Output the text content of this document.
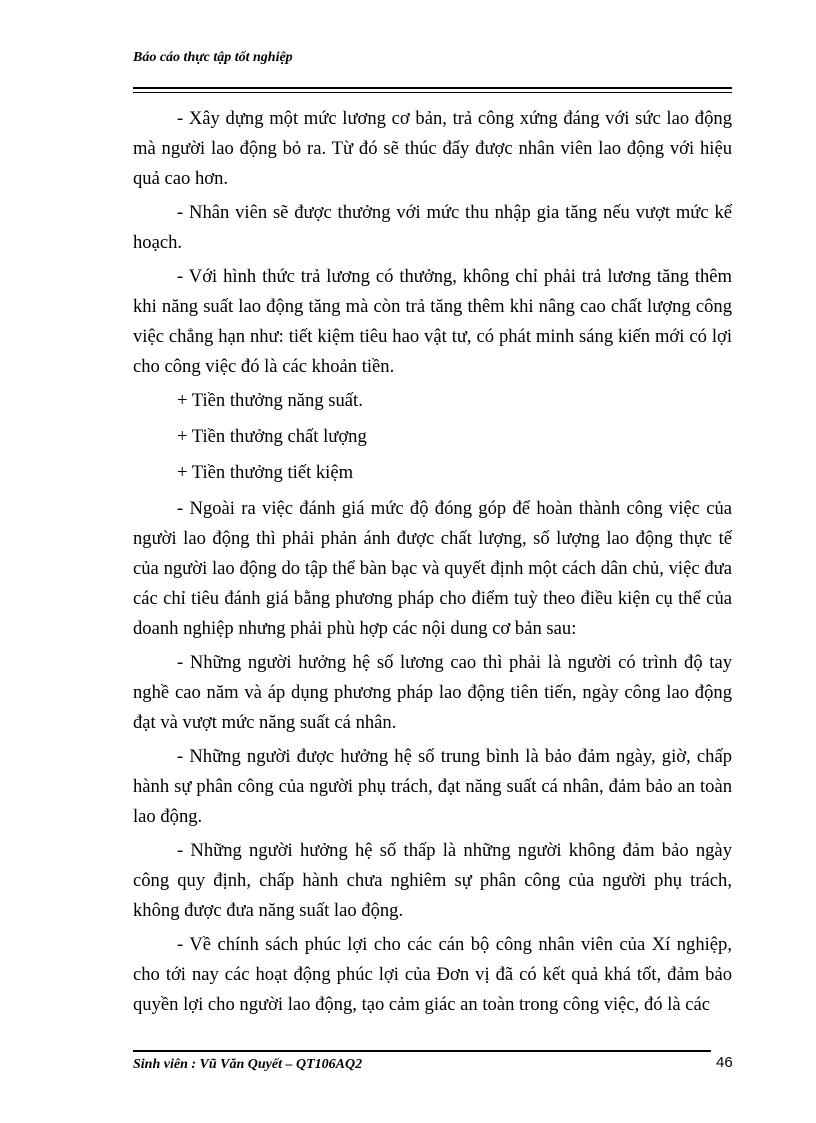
Báo cáo thực tập tốt nghiệp

- Xây dựng một mức lương cơ bản, trả công xứng đáng với sức lao động mà người lao động bỏ ra. Từ đó sẽ thúc đẩy được nhân viên lao động với hiệu quả cao hơn.

- Nhân viên sẽ được thưởng với mức thu nhập gia tăng nếu vượt mức kế hoạch.

- Với hình thức trả lương có thưởng, không chỉ phải trả lương tăng thêm khi năng suất lao động tăng mà còn trả tăng thêm khi nâng cao chất lượng công việc chẳng hạn như: tiết kiệm tiêu hao vật tư, có phát minh sáng kiến mới có lợi cho công việc đó là các khoản tiền.

+ Tiền thưởng năng suất.

+ Tiền thưởng chất lượng

+ Tiền thưởng tiết kiệm

- Ngoài ra việc đánh giá mức độ đóng góp để hoàn thành công việc của người lao động thì phải phản ánh được chất lượng, số lượng lao động thực tế của người lao động do tập thể bàn bạc và quyết định một cách dân chủ, việc đưa các chỉ tiêu đánh giá bằng phương pháp cho điểm tuỳ theo điều kiện cụ thể của doanh nghiệp nhưng phải phù hợp các nội dung cơ bản sau:

- Những người hưởng hệ số lương cao thì phải là người có trình độ tay nghề cao năm và áp dụng phương pháp lao động tiên tiến, ngày công lao động đạt và vượt mức năng suất cá nhân.

- Những người được hưởng hệ số trung bình là bảo đảm ngày, giờ, chấp hành sự phân công của người phụ trách, đạt năng suất cá nhân, đảm bảo an toàn lao động.

- Những người hưởng hệ số thấp là những người không đảm bảo ngày công quy định, chấp hành chưa nghiêm sự phân công của người phụ trách, không được đưa năng suất lao động.

- Về chính sách phúc lợi cho các cán bộ công nhân viên của Xí nghiệp, cho tới nay các hoạt động phúc lợi của Đơn vị đã có kết quả khá tốt, đảm bảo quyền lợi cho người lao động, tạo cảm giác an toàn trong công việc, đó là các

Sinh viên : Vũ Văn Quyết – QT106AQ2	46
